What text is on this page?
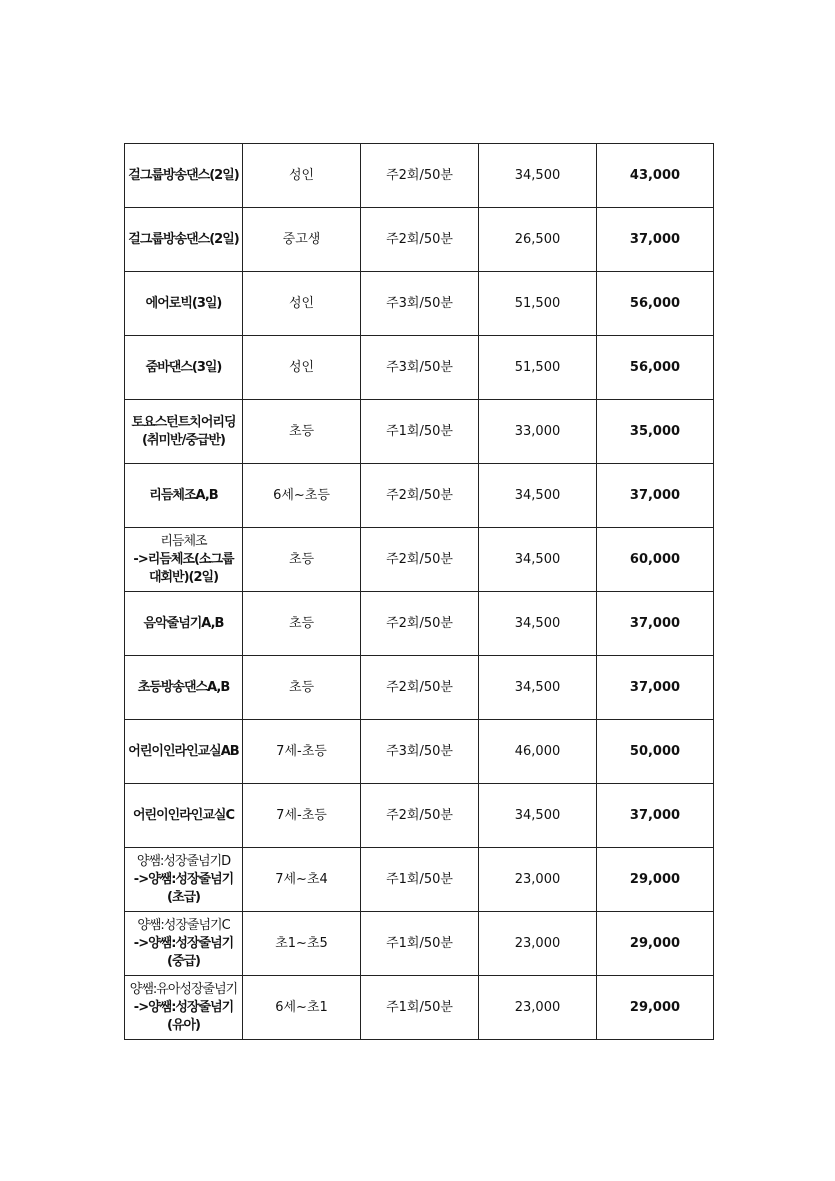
걸그룹방송댄스(2일)	성인	주2회/50분	34,500	43,000

걸그룹방송댄스(2일)	중고생	주2회/50분	26,500	37,000

에어로빅(3일)	성인	주3회/50분	51,500	56,000

줌바댄스(3일)	성인	주3회/50분	51,500	56,000

토요스턴트치어리딩
(취미반/중급반)	초등	주1회/50분	33,000	35,000

리듬체조A,B	6세~초등	주2회/50분	34,500	37,000

리듬체조
->리듬체조(소그룹
대회반)(2일)	초등	주2회/50분	34,500	60,000

음악줄넘기A,B	초등	주2회/50분	34,500	37,000

초등방송댄스A,B	초등	주2회/50분	34,500	37,000

어린이인라인교실AB	7세-초등	주3회/50분	46,000	50,000

어린이인라인교실C	7세-초등	주2회/50분	34,500	37,000

양쌤:성장줄넘기D
->양쌤:성장줄넘기
(초급)	7세~초4	주1회/50분	23,000	29,000

양쌤:성장줄넘기C
->양쌤:성장줄넘기
(중급)	초1~초5	주1회/50분	23,000	29,000

양쌤:유아성장줄넘기
->양쌤:성장줄넘기
(유아)	6세~초1	주1회/50분	23,000	29,000
